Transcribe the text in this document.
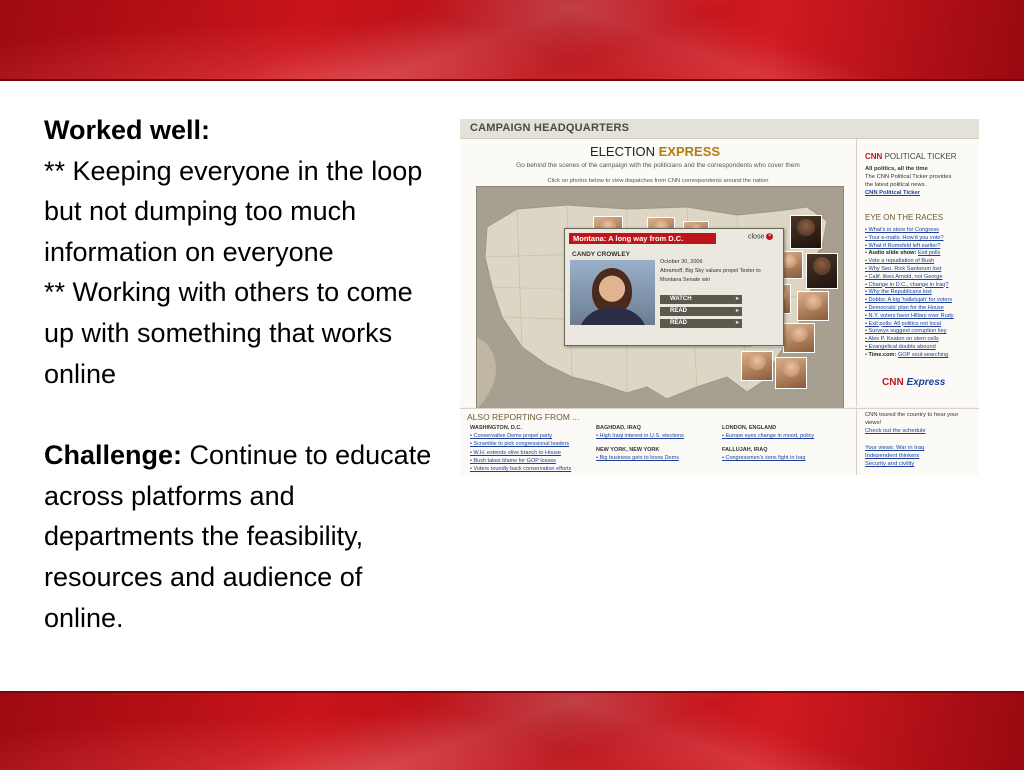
Worked well:

** Keeping everyone in the loop but not dumping too much information on everyone

** Working with others to come up with something that works online

Challenge: Continue to educate across platforms and departments the feasibility, resources and audience of online.

CAMPAIGN HEADQUARTERS
ELECTION EXPRESS
Go behind the scenes of the campaign with the politicians and the correspondents who cover them
Click on photos below to view dispatches from CNN correspondents around the nation
Montana: A long way from D.C.	close ×
CANDY CROWLEY
October 30, 2006
Abramoff, Big Sky values propel Tester to Montana Senate win
WATCH ▸
READ ▸
READ ▸
CNN POLITICAL TICKER
All politics, all the time
The CNN Political Ticker provides
the latest political news.
CNN Political Ticker
EYE ON THE RACES
• What's in store for Congress
• Your e-mails: How'd you vote?
• What if Rumsfeld left earlier?
• Audio slide show: Exit polls
• Vote a repudiation of Bush
• Why Sen. Rick Santorum lost
• Calif. likes Arnold, not George
• Change in D.C., change in Iraq?
• Why the Republicans lost
• Dobbs: A big 'hallelujah' for voters
• Democrats' plan for the House
• N.Y. voters favor Hillary over Rudy
• Exit polls: All politics not local
• Surveys suggest corruption key
• Alex P. Keaton on stem cells
• Evangelical doubts abound
• Time.com: GOP soul-searching
CNN Express
ALSO REPORTING FROM ...
WASHINGTON, D.C.
• Conservative Dems propel party
• Scramble to pick congressional leaders
• W.H. extends olive branch to House
• Bush takes blame for GOP losses
• Voters roundly back conservation efforts
BAGHDAD, IRAQ
• High Iraqi interest in U.S. elections
NEW YORK, NEW YORK
• Big business gets to know Dems
LONDON, ENGLAND
• Europe eyes change in mood, policy
FALLUJAH, IRAQ
• Congressmen's sons fight in Iraq
CNN toured the country to hear your
views!
Check out the schedule
Your views: War in Iraq
Independent thinkers
Security and civility
